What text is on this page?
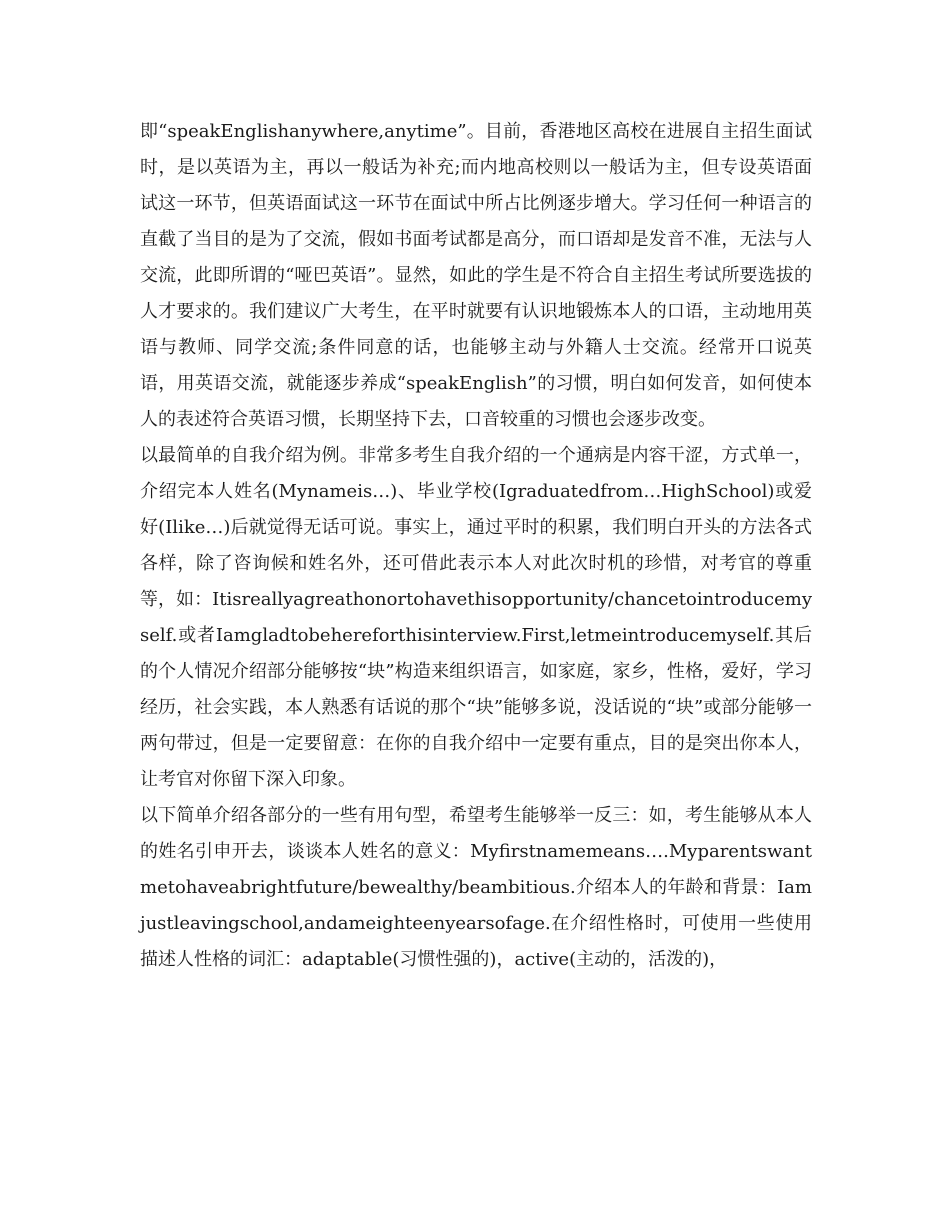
即“speakEnglishanywhere,anytime”。目前，香港地区高校在进展自主招生面试时，是以英语为主，再以一般话为补充;而内地高校则以一般话为主，但专设英语面试这一环节，但英语面试这一环节在面试中所占比例逐步增大。学习任何一种语言的直截了当目的是为了交流，假如书面考试都是高分，而口语却是发音不准，无法与人交流，此即所谓的“哑巴英语”。显然，如此的学生是不符合自主招生考试所要选拔的人才要求的。我们建议广大考生，在平时就要有认识地锻炼本人的口语，主动地用英语与教师、同学交流;条件同意的话，也能够主动与外籍人士交流。经常开口说英语，用英语交流，就能逐步养成“speakEnglish”的习惯，明白如何发音，如何使本人的表述符合英语习惯，长期坚持下去，口音较重的习惯也会逐步改变。

以最简单的自我介绍为例。非常多考生自我介绍的一个通病是内容干涩，方式单一，介绍完本人姓名(Mynameis…)、毕业学校(Igraduatedfrom…HighSchool)或爱好(Ilike…)后就觉得无话可说。事实上，通过平时的积累，我们明白开头的方法各式各样，除了咨询候和姓名外，还可借此表示本人对此次时机的珍惜，对考官的尊重等，如：Itisreallyagreathonortohavethisopportunity/chancetointroducemyself.或者Iamgladtobehereforthisinterview.First,letmeintroducemyself.其后的个人情况介绍部分能够按“块”构造来组织语言，如家庭，家乡，性格，爱好，学习经历，社会实践，本人熟悉有话说的那个“块”能够多说，没话说的“块”或部分能够一两句带过，但是一定要留意：在你的自我介绍中一定要有重点，目的是突出你本人，让考官对你留下深入印象。

以下简单介绍各部分的一些有用句型，希望考生能够举一反三：如，考生能够从本人的姓名引申开去，谈谈本人姓名的意义：Myfirstnamemeans….Myparentswantmetohaveabrightfuture/bewealthy/beambitious.介绍本人的年龄和背景：Iamjustleavingschool,andameighteenyearsofage.在介绍性格时，可使用一些使用描述人性格的词汇：adaptable(习惯性强的)，active(主动的，活泼的)，
